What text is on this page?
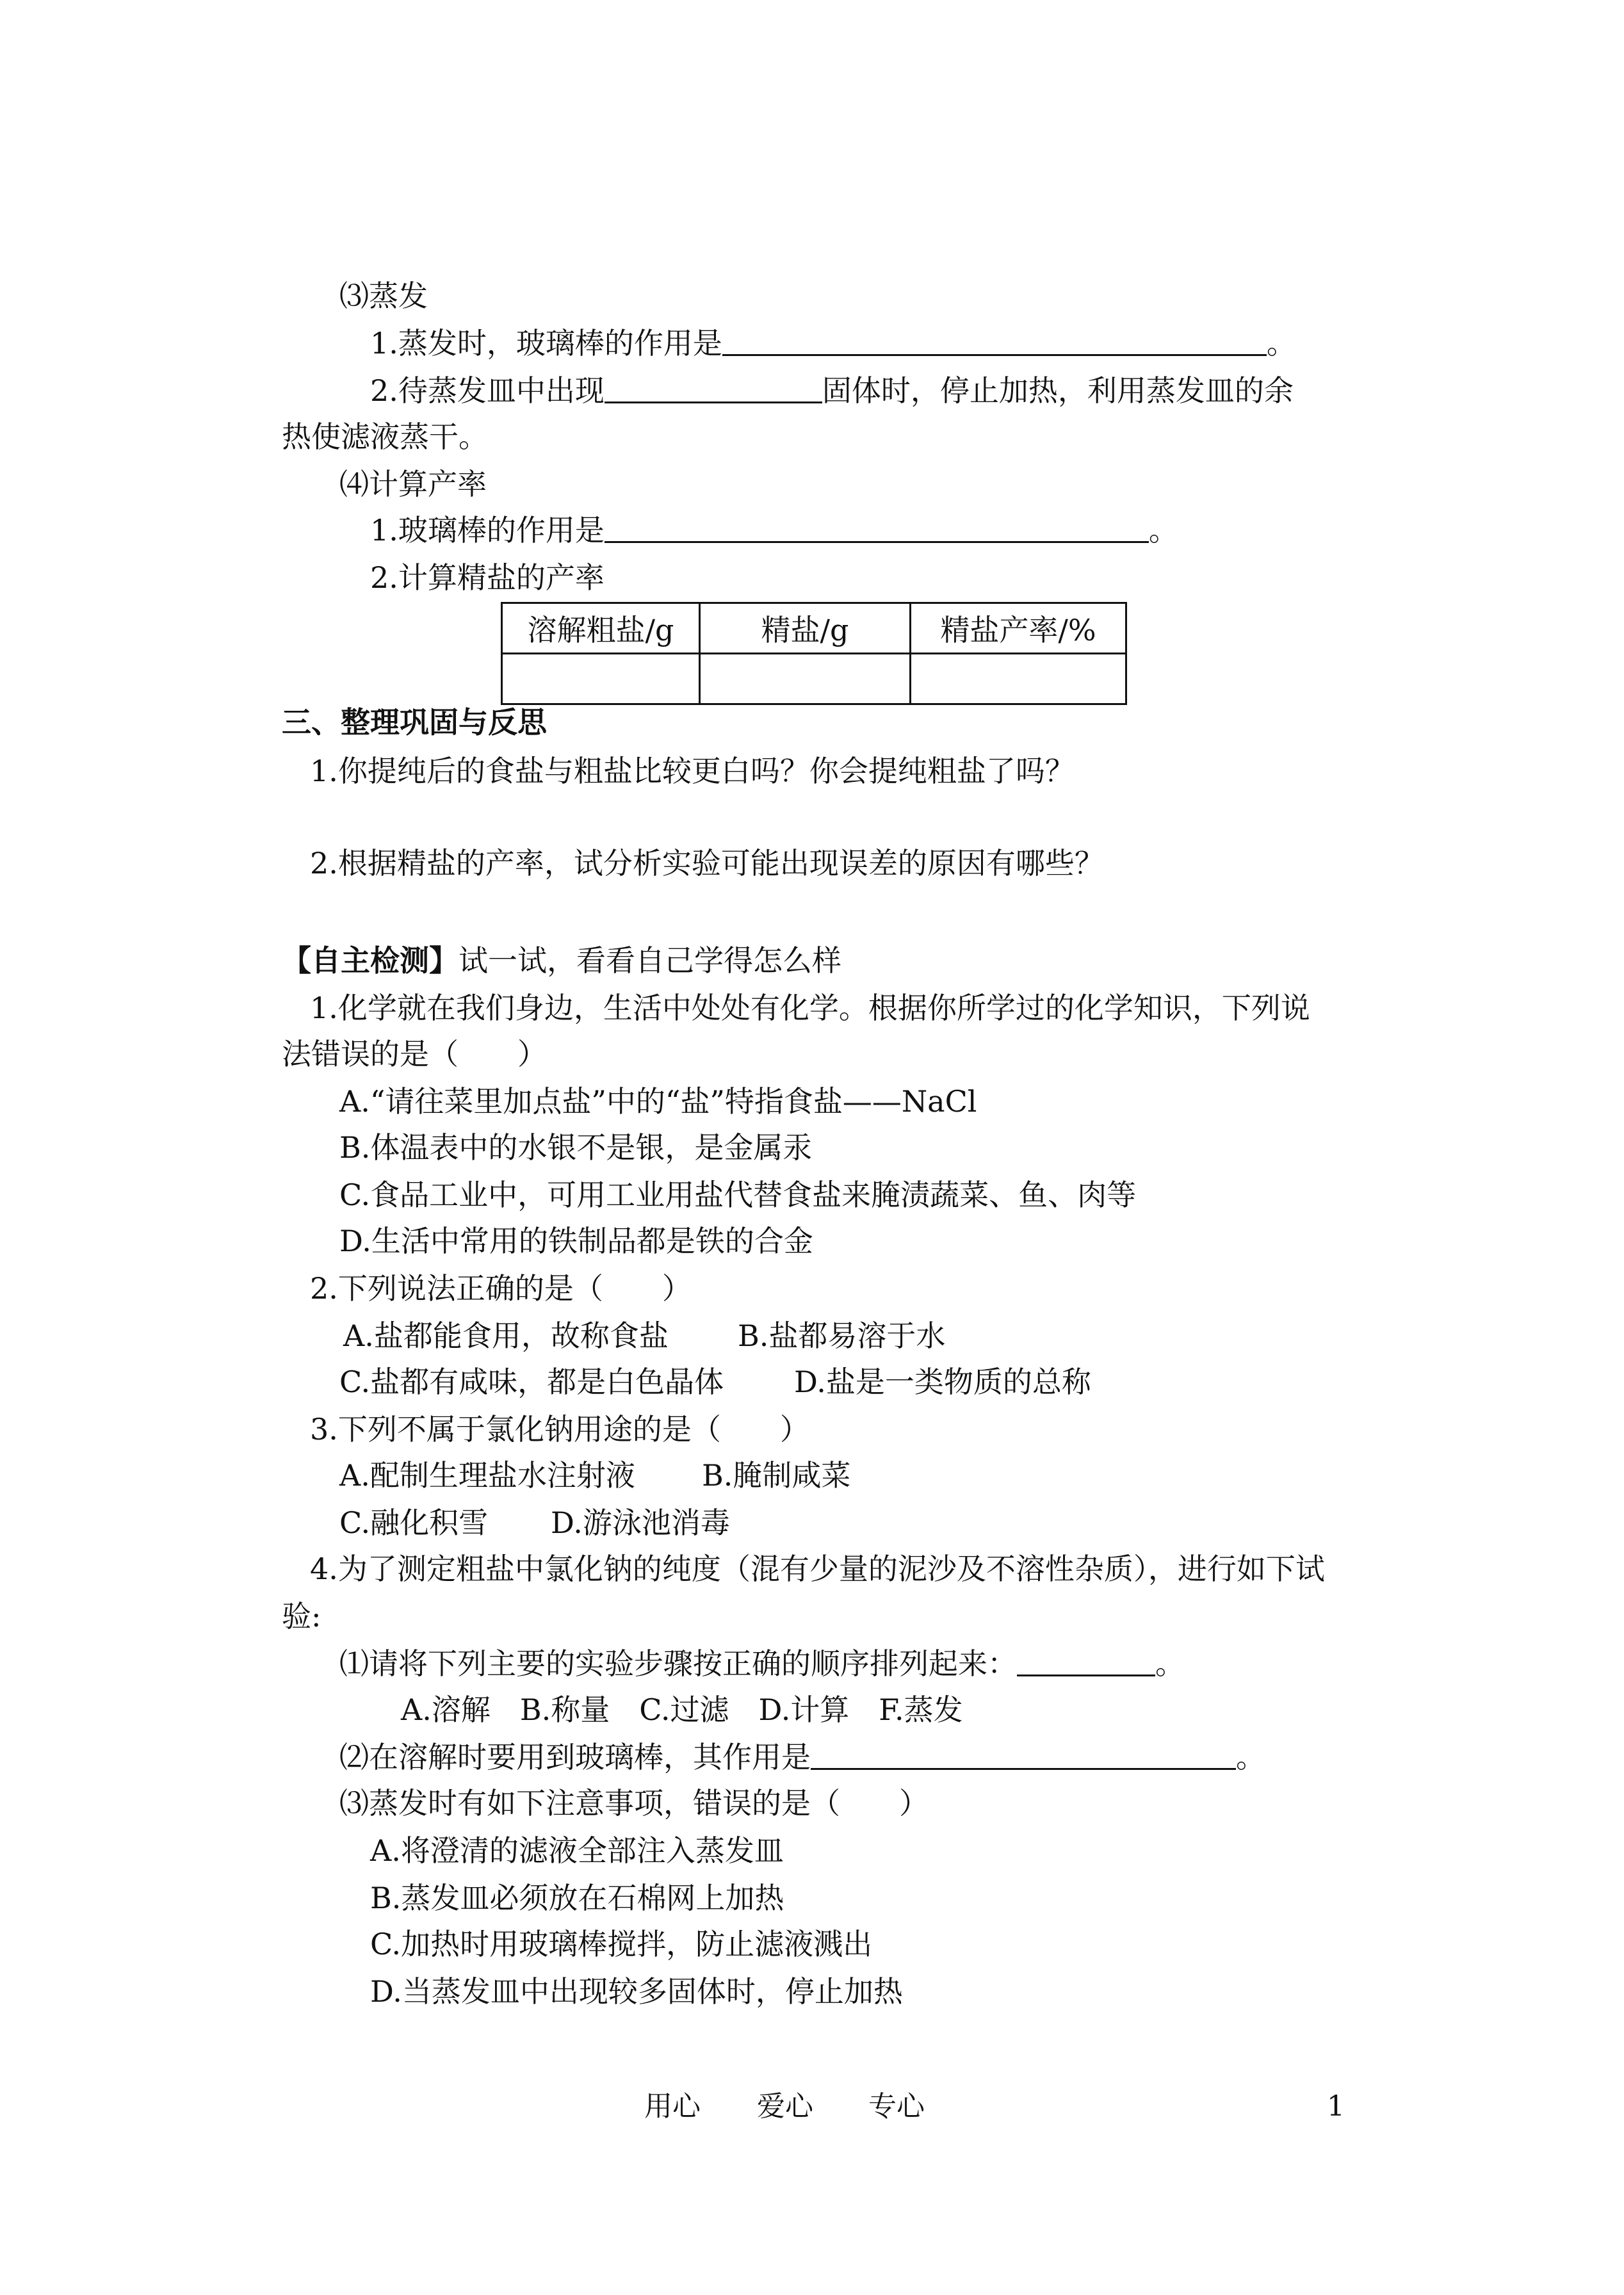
⑶蒸发
1.蒸发时，玻璃棒的作用是	。
2.待蒸发皿中出现	固体时，停止加热，利用蒸发皿的余
热使滤液蒸干。
⑷计算产率
1.玻璃棒的作用是	。
2.计算精盐的产率
溶解粗盐/g	精盐/g	精盐产率/%

三、整理巩固与反思
1.你提纯后的食盐与粗盐比较更白吗？你会提纯粗盐了吗？
2.根据精盐的产率，试分析实验可能出现误差的原因有哪些？
【自主检测】试一试，看看自己学得怎么样
1.化学就在我们身边，生活中处处有化学。根据你所学过的化学知识，下列说
法错误的是（　　）
A.“请往菜里加点盐”中的“盐”特指食盐——NaCl
B.体温表中的水银不是银，是金属汞
C.食品工业中，可用工业用盐代替食盐来腌渍蔬菜、鱼、肉等
D.生活中常用的铁制品都是铁的合金
2.下列说法正确的是（　　）
A.盐都能食用，故称食盐 B.盐都易溶于水
C.盐都有咸味，都是白色晶体 D.盐是一类物质的总称
3.下列不属于氯化钠用途的是（　　）
A.配制生理盐水注射液 B.腌制咸菜
C.融化积雪 D.游泳池消毒
4.为了测定粗盐中氯化钠的纯度（混有少量的泥沙及不溶性杂质），进行如下试
验:
⑴请将下列主要的实验步骤按正确的顺序排列起来：	。
A.溶解　B.称量　C.过滤　D.计算　F.蒸发
⑵在溶解时要用到玻璃棒，其作用是	。
⑶蒸发时有如下注意事项，错误的是（　　）
A.将澄清的滤液全部注入蒸发皿
B.蒸发皿必须放在石棉网上加热
C.加热时用玻璃棒搅拌，防止滤液溅出
D.当蒸发皿中出现较多固体时，停止加热
用心 爱心 专心	1
